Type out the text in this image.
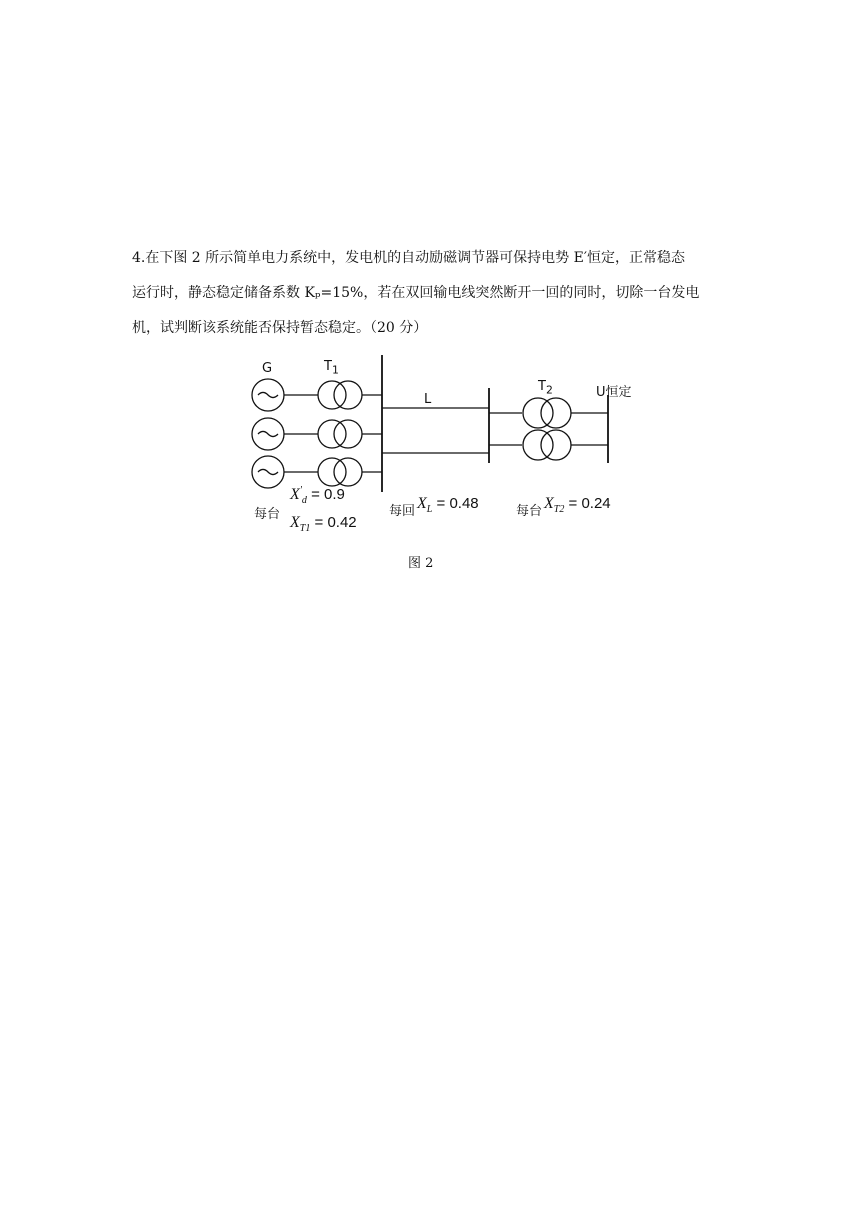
4.在下图 2 所示简单电力系统中，发电机的自动励磁调节器可保持电势 E′恒定，正常稳态

运行时，静态稳定储备系数 Kₚ=15%，若在双回输电线突然断开一回的同时，切除一台发电

机，试判断该系统能否保持暂态稳定。（20 分）

G	$T_1$
L
$T_2$	U恒定
每台
$X'_d = 0.9$
$X_{T1} = 0.42$
每回 $X_L = 0.48$	每台 $X_{T2} = 0.24$
图 2
